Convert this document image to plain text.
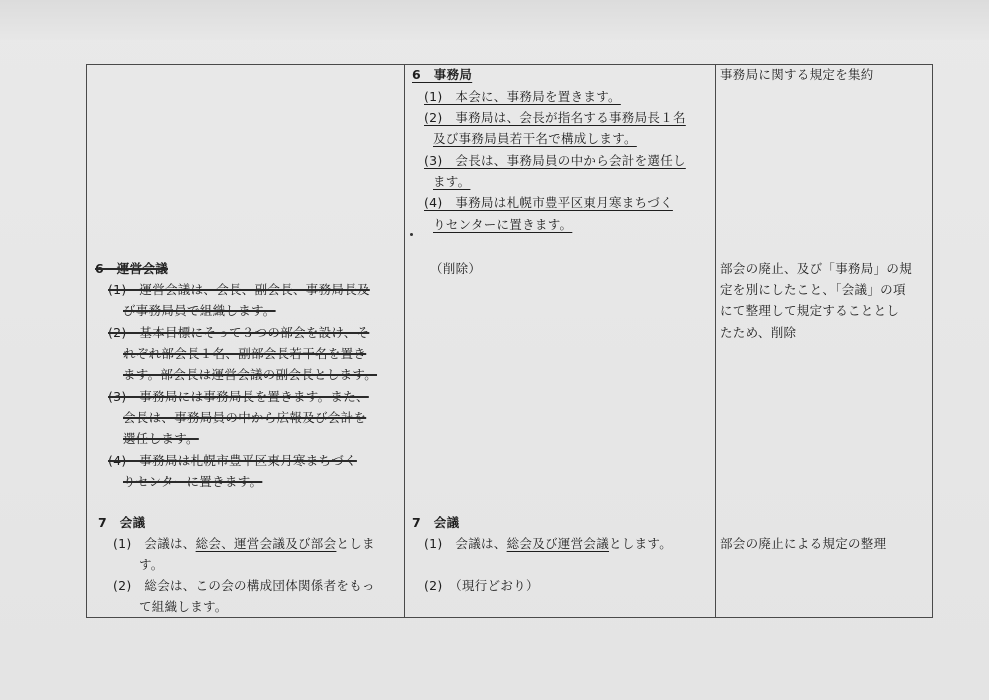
6　事務局
(1)　本会に、事務局を置きます。
(2)　事務局は、会長が指名する事務局長１名
及び事務局員若干名で構成します。
(3)　会長は、事務局員の中から会計を選任し
ます。
(4)　事務局は札幌市豊平区東月寒まちづく
りセンターに置きます。
（削除）
7　会議
(1)　会議は、総会及び運営会議とします。
(2)　（現行どおり）
6　運営会議
(1)　運営会議は、会長、副会長、事務局長及
び事務局員で組織します。
(2)　基本目標にそって３つの部会を設け、そ
れぞれ部会長１名、副部会長若干名を置き
ます。部会長は運営会議の副会長とします。
(3)　事務局には事務局長を置きます。また、
会長は、事務局員の中から広報及び会計を
選任します。
(4)　事務局は札幌市豊平区東月寒まちづく
りセンターに置きます。
7　会議
(1)　会議は、総会、運営会議及び部会としま
す。
(2)　総会は、この会の構成団体関係者をもっ
て組織します。
事務局に関する規定を集約
部会の廃止、及び「事務局」の規
定を別にしたこと、「会議」の項
にて整理して規定することとし
たため、削除
部会の廃止による規定の整理
